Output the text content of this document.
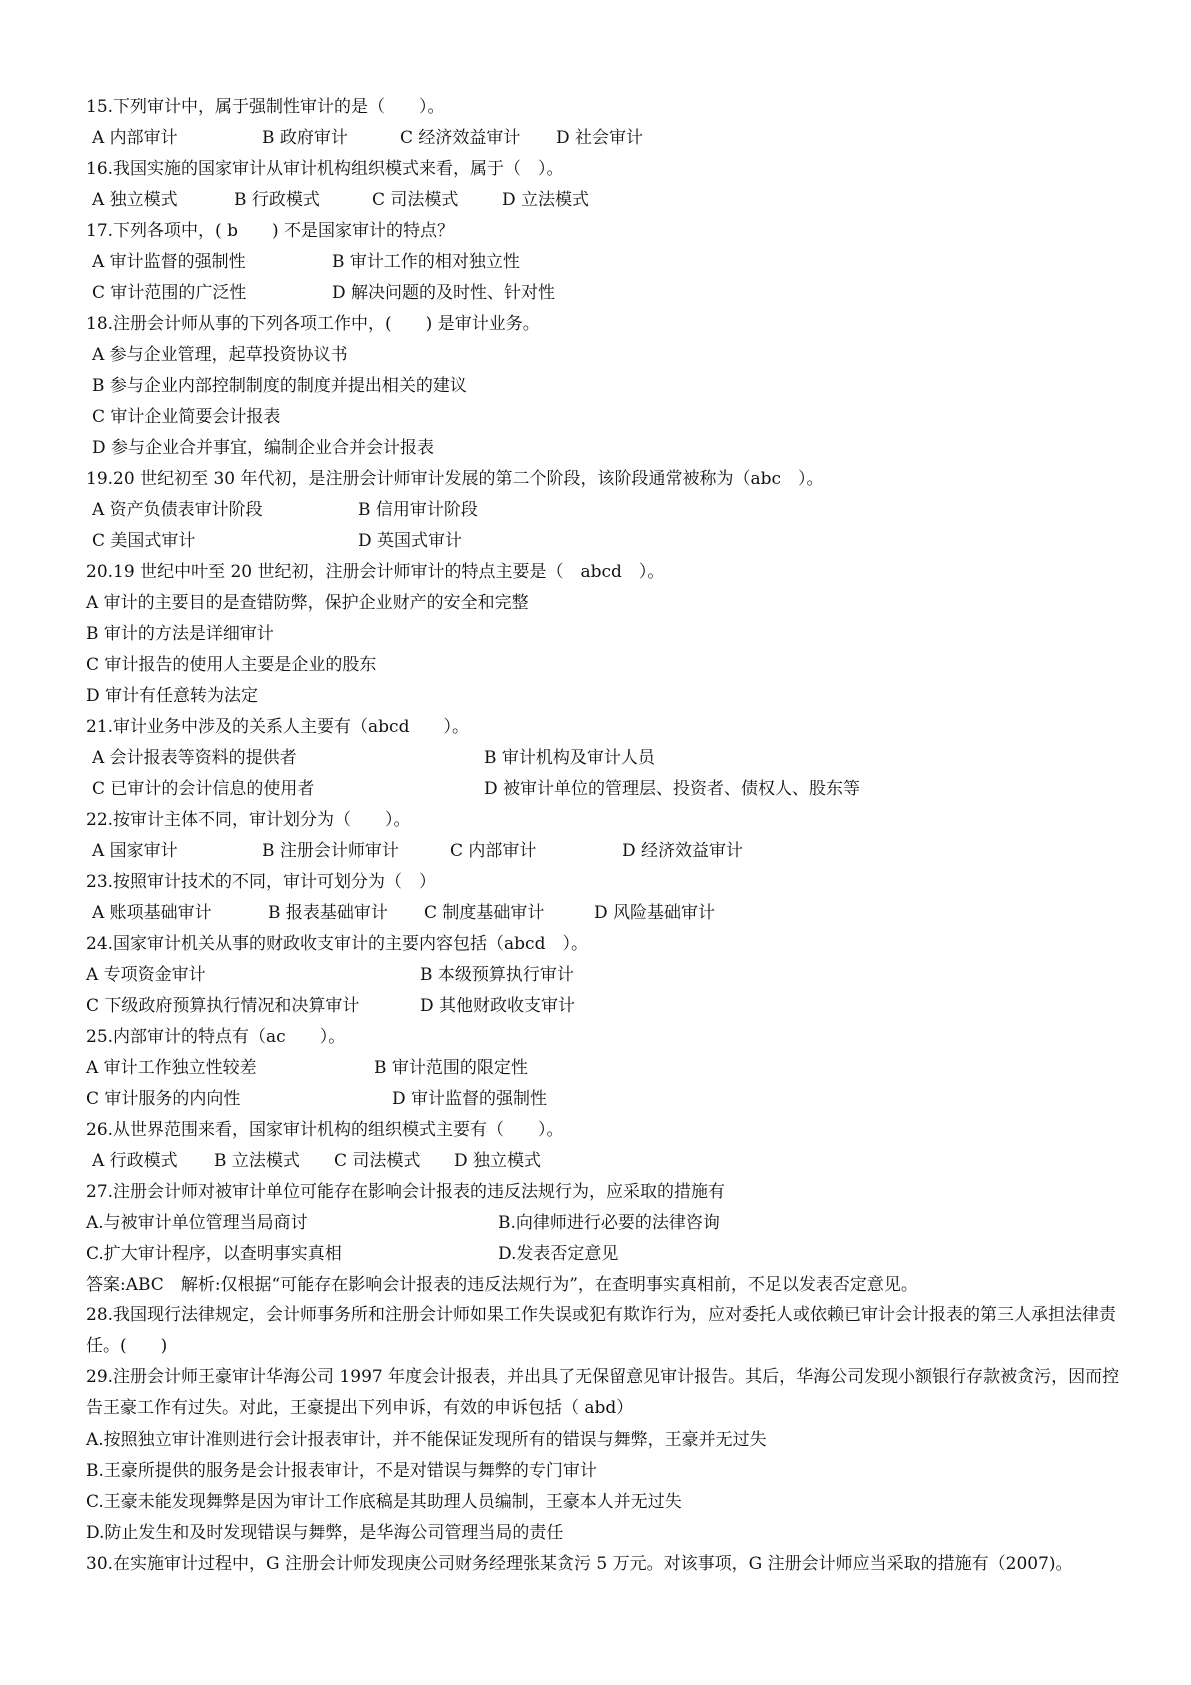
15.下列审计中，属于强制性审计的是（　　）。
A 内部审计	B 政府审计	C 经济效益审计 D 社会审计
16.我国实施的国家审计从审计机构组织模式来看，属于（　）。
A 独立模式	B 行政模式	C 司法模式	D 立法模式
17.下列各项中，( b　　) 不是国家审计的特点？
A 审计监督的强制性	B 审计工作的相对独立性
C 审计范围的广泛性	D 解决问题的及时性、针对性
18.注册会计师从事的下列各项工作中，(　　) 是审计业务。
A 参与企业管理，起草投资协议书
B 参与企业内部控制制度的制度并提出相关的建议
C 审计企业简要会计报表
D 参与企业合并事宜，编制企业合并会计报表
19.20 世纪初至 30 年代初，是注册会计师审计发展的第二个阶段，该阶段通常被称为（abc　）。
A 资产负债表审计阶段	B 信用审计阶段
C 美国式审计	D 英国式审计
20.19 世纪中叶至 20 世纪初，注册会计师审计的特点主要是（　abcd　）。
A 审计的主要目的是查错防弊，保护企业财产的安全和完整
B 审计的方法是详细审计
C 审计报告的使用人主要是企业的股东
D 审计有任意转为法定
21.审计业务中涉及的关系人主要有（abcd　　）。
A 会计报表等资料的提供者	B 审计机构及审计人员
C 已审计的会计信息的使用者	D 被审计单位的管理层、投资者、债权人、股东等
22.按审计主体不同，审计划分为（　　）。
A 国家审计	B 注册会计师审计	C 内部审计	D 经济效益审计
23.按照审计技术的不同，审计可划分为（　）
A 账项基础审计	B 报表基础审计 C 制度基础审计	D 风险基础审计
24.国家审计机关从事的财政收支审计的主要内容包括（abcd　）。
A 专项资金审计	B 本级预算执行审计
C 下级政府预算执行情况和决算审计	D 其他财政收支审计
25.内部审计的特点有（ac　　）。
A 审计工作独立性较差	B 审计范围的限定性
C 审计服务的内向性	D 审计监督的强制性
26.从世界范围来看，国家审计机构的组织模式主要有（　　）。
A 行政模式 B 立法模式 C 司法模式 D 独立模式
27.注册会计师对被审计单位可能存在影响会计报表的违反法规行为，应采取的措施有
A.与被审计单位管理当局商讨	B.向律师进行必要的法律咨询
C.扩大审计程序，以查明事实真相	D.发表否定意见
答案:ABC　解析:仅根据“可能存在影响会计报表的违反法规行为”，在查明事实真相前，不足以发表否定意见。
28.我国现行法律规定，会计师事务所和注册会计师如果工作失误或犯有欺诈行为，应对委托人或依赖已审计会计报表的第三人承担法律责任。(　　)
29.注册会计师王豪审计华海公司 1997 年度会计报表，并出具了无保留意见审计报告。其后，华海公司发现小额银行存款被贪污，因而控告王豪工作有过失。对此，王豪提出下列申诉，有效的申诉包括（ abd）
A.按照独立审计准则进行会计报表审计，并不能保证发现所有的错误与舞弊，王豪并无过失
B.王豪所提供的服务是会计报表审计，不是对错误与舞弊的专门审计
C.王豪未能发现舞弊是因为审计工作底稿是其助理人员编制，王豪本人并无过失
D.防止发生和及时发现错误与舞弊，是华海公司管理当局的责任
30.在实施审计过程中，G 注册会计师发现庚公司财务经理张某贪污 5 万元。对该事项，G 注册会计师应当采取的措施有（2007)。
